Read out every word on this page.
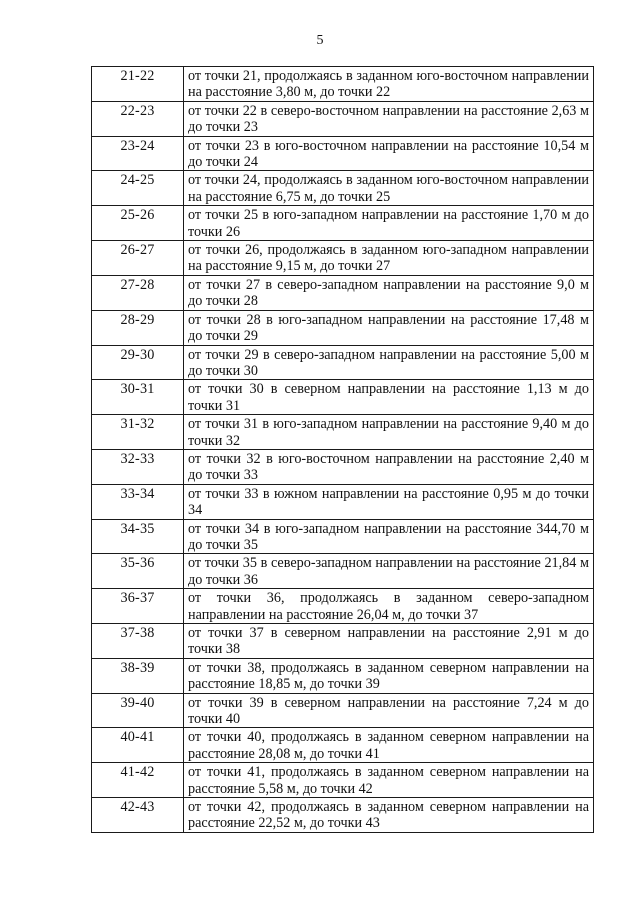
5
21-22	от точки 21, продолжаясь в заданном юго-восточном направлении на расстояние 3,80 м, до точки 22
22-23	от точки 22 в северо-восточном направлении на расстояние 2,63 м до точки 23
23-24	от точки 23 в юго-восточном направлении на расстояние 10,54 м до точки 24
24-25	от точки 24, продолжаясь в заданном юго-восточном направлении на расстояние 6,75 м, до точки 25
25-26	от точки 25 в юго-западном направлении на расстояние 1,70 м до точки 26
26-27	от точки 26, продолжаясь в заданном юго-западном направлении на расстояние 9,15 м, до точки 27
27-28	от точки 27 в северо-западном направлении на расстояние 9,0 м до точки 28
28-29	от точки 28 в юго-западном направлении на расстояние 17,48 м до точки 29
29-30	от точки 29 в северо-западном направлении на расстояние 5,00 м до точки 30
30-31	от точки 30 в северном направлении на расстояние 1,13 м до точки 31
31-32	от точки 31 в юго-западном направлении на расстояние 9,40 м до точки 32
32-33	от точки 32 в юго-восточном направлении на расстояние 2,40 м до точки 33
33-34	от точки 33 в южном направлении на расстояние 0,95 м до точки 34
34-35	от точки 34 в юго-западном направлении на расстояние 344,70 м до точки 35
35-36	от точки 35 в северо-западном направлении на расстояние 21,84 м до точки 36
36-37	от точки 36, продолжаясь в заданном северо-западном направлении на расстояние 26,04 м, до точки 37
37-38	от точки 37 в северном направлении на расстояние 2,91 м до точки 38
38-39	от точки 38, продолжаясь в заданном северном направлении на расстояние 18,85 м, до точки 39
39-40	от точки 39 в северном направлении на расстояние 7,24 м до точки 40
40-41	от точки 40, продолжаясь в заданном северном направлении на расстояние 28,08 м, до точки 41
41-42	от точки 41, продолжаясь в заданном северном направлении на расстояние 5,58 м, до точки 42
42-43	от точки 42, продолжаясь в заданном северном направлении на расстояние 22,52 м, до точки 43
